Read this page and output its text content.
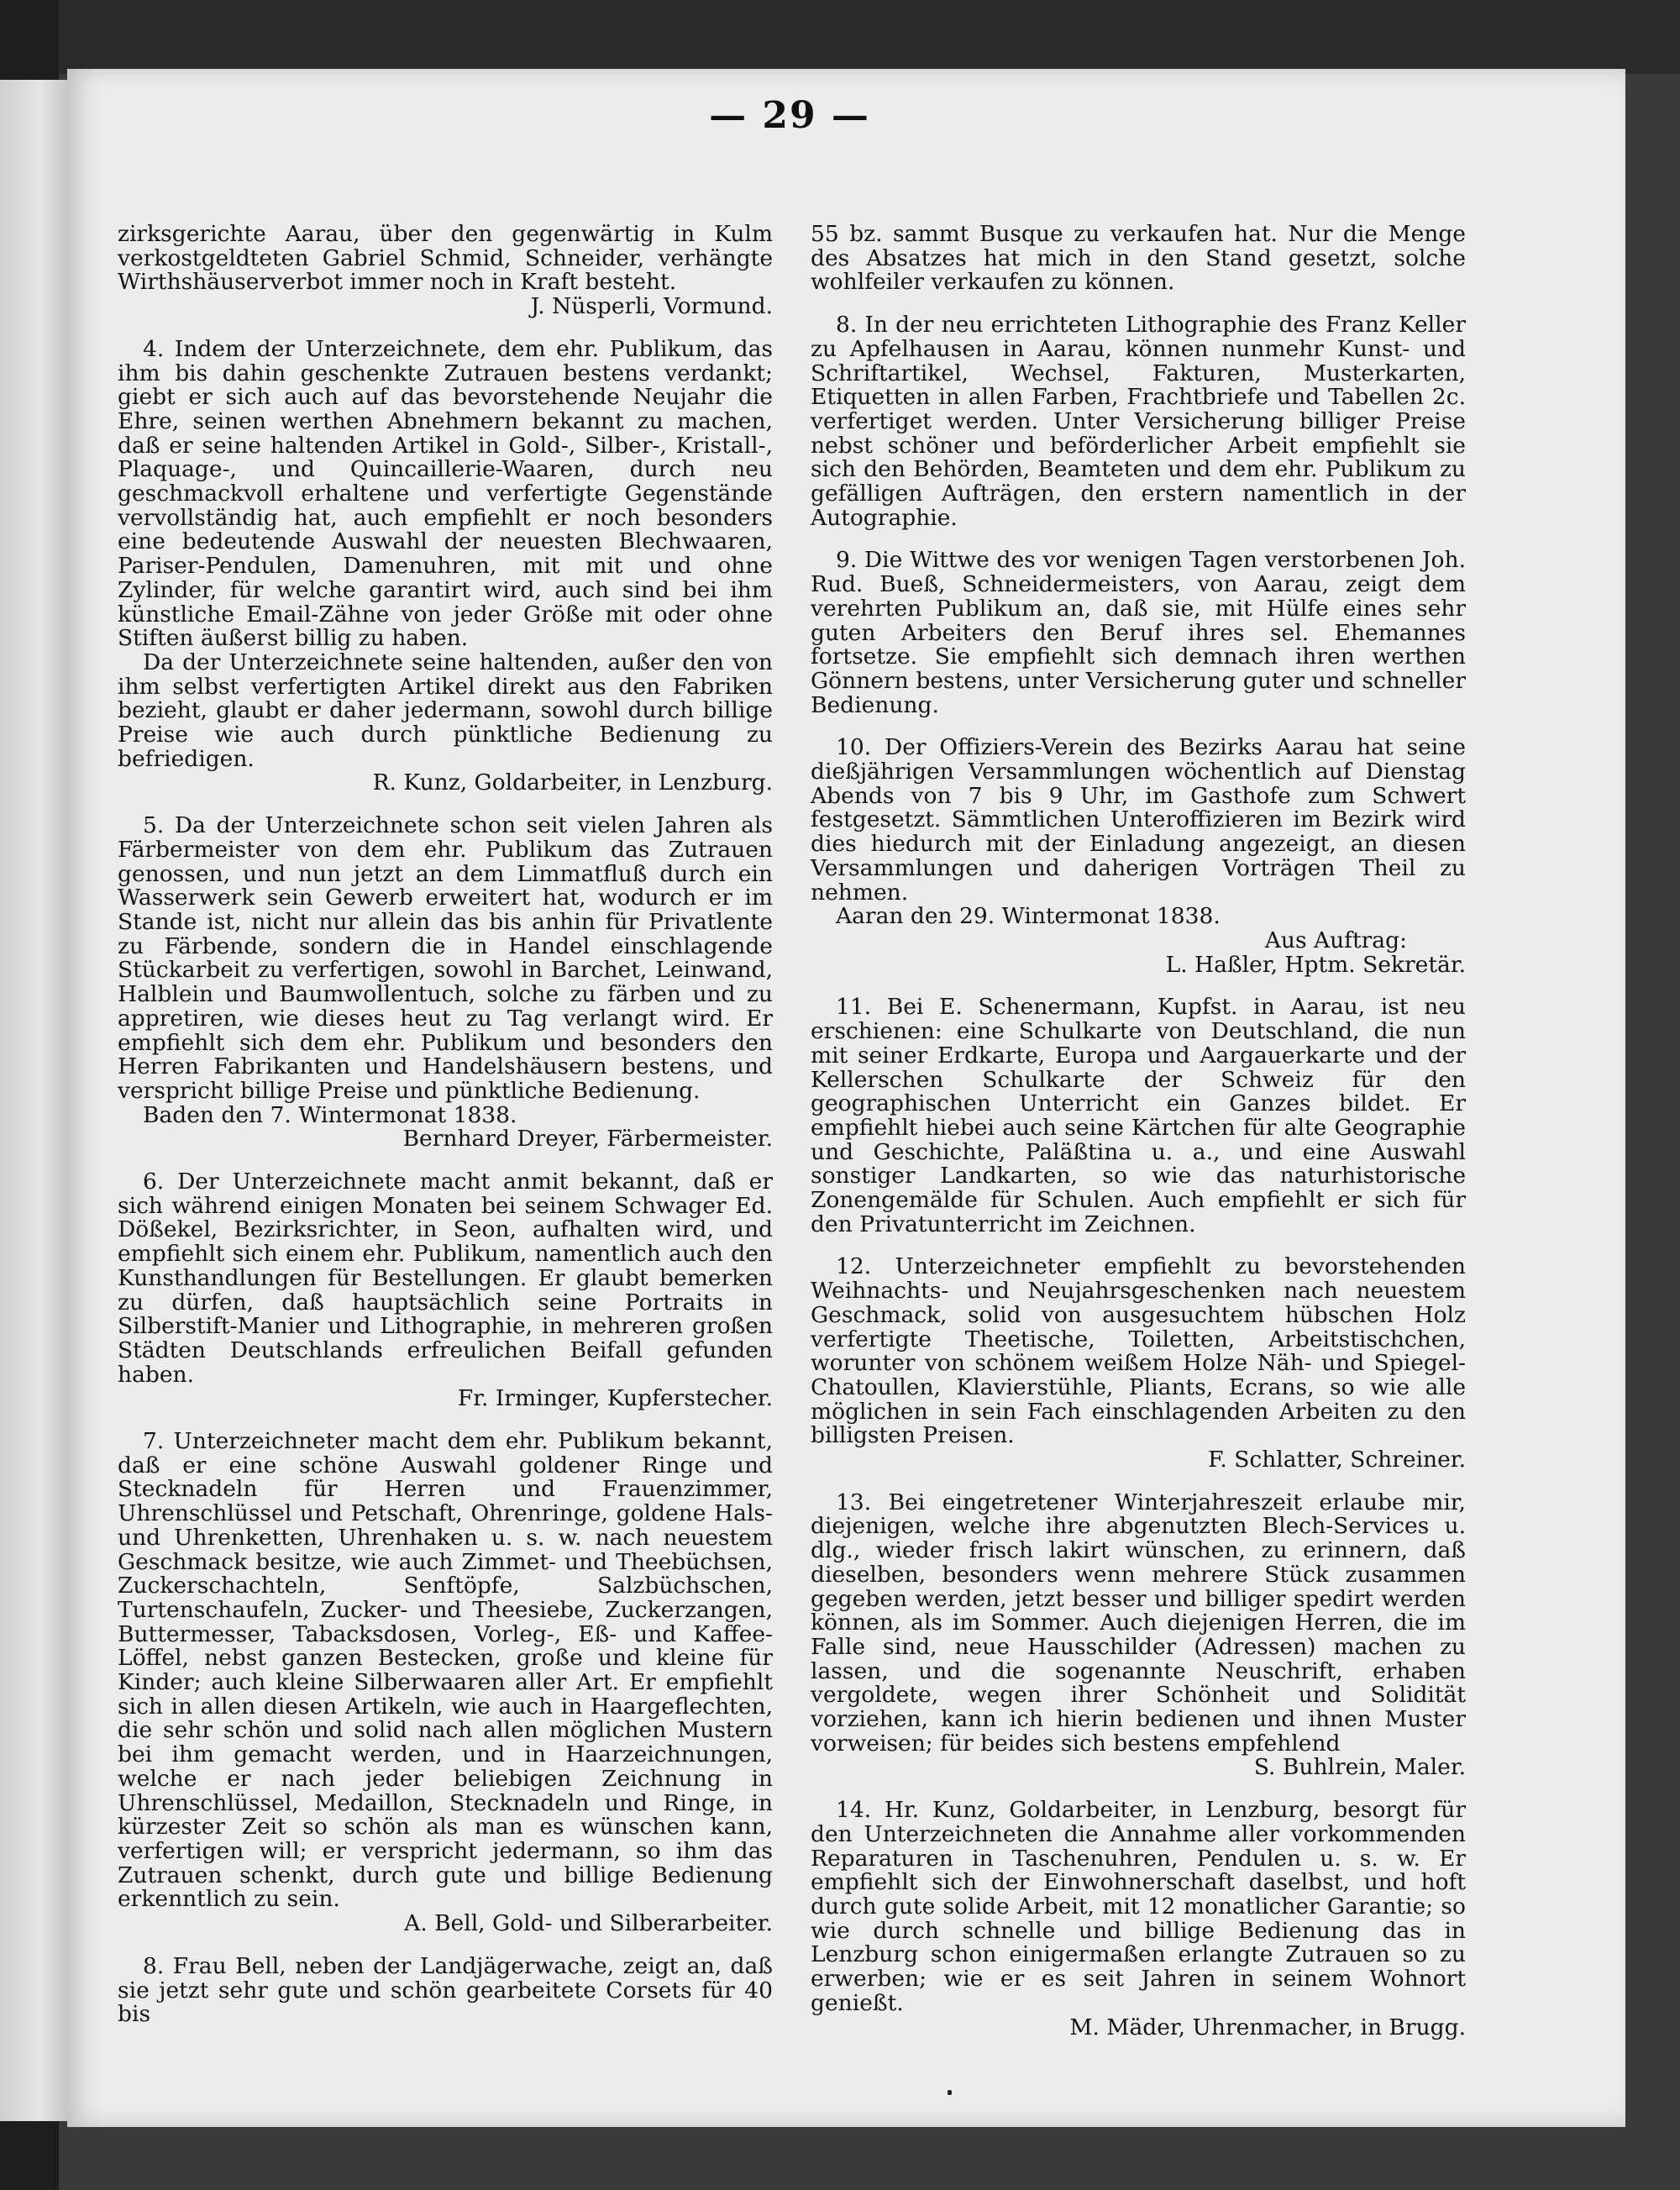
— 29 —

zirksgerichte Aarau, über den gegenwärtig in Kulm verkostgeldteten Gabriel Schmid, Schneider, verhängte Wirthshäuserverbot immer noch in Kraft besteht.

J. Nüsperli, Vormund.

4. Indem der Unterzeichnete, dem ehr. Publikum, das ihm bis dahin geschenkte Zutrauen bestens verdankt; giebt er sich auch auf das bevorstehende Neujahr die Ehre, seinen werthen Abnehmern bekannt zu machen, daß er seine haltenden Artikel in Gold-, Silber-, Kristall-, Plaquage-, und Quincaillerie-Waaren, durch neu geschmackvoll erhaltene und verfertigte Gegenstände vervollständig hat, auch empfiehlt er noch besonders eine bedeutende Auswahl der neuesten Blechwaaren, Pariser-Pendulen, Damenuhren, mit mit und ohne Zylinder, für welche garantirt wird, auch sind bei ihm künstliche Email-Zähne von jeder Größe mit oder ohne Stiften äußerst billig zu haben.

Da der Unterzeichnete seine haltenden, außer den von ihm selbst verfertigten Artikel direkt aus den Fabriken bezieht, glaubt er daher jedermann, sowohl durch billige Preise wie auch durch pünktliche Bedienung zu befriedigen.

R. Kunz, Goldarbeiter, in Lenzburg.

5. Da der Unterzeichnete schon seit vielen Jahren als Färbermeister von dem ehr. Publikum das Zutrauen genossen, und nun jetzt an dem Limmatfluß durch ein Wasserwerk sein Gewerb erweitert hat, wodurch er im Stande ist, nicht nur allein das bis anhin für Privatlente zu Färbende, sondern die in Handel einschlagende Stückarbeit zu verfertigen, sowohl in Barchet, Leinwand, Halblein und Baumwollentuch, solche zu färben und zu appretiren, wie dieses heut zu Tag verlangt wird. Er empfiehlt sich dem ehr. Publikum und besonders den Herren Fabrikanten und Handelshäusern bestens, und verspricht billige Preise und pünktliche Bedienung.

Baden den 7. Wintermonat 1838.

Bernhard Dreyer, Färbermeister.

6. Der Unterzeichnete macht anmit bekannt, daß er sich während einigen Monaten bei seinem Schwager Ed. Dößekel, Bezirksrichter, in Seon, aufhalten wird, und empfiehlt sich einem ehr. Publikum, namentlich auch den Kunsthandlungen für Bestellungen. Er glaubt bemerken zu dürfen, daß hauptsächlich seine Portraits in Silberstift-Manier und Lithographie, in mehreren großen Städten Deutschlands erfreulichen Beifall gefunden haben.

Fr. Irminger, Kupferstecher.

7. Unterzeichneter macht dem ehr. Publikum bekannt, daß er eine schöne Auswahl goldener Ringe und Stecknadeln für Herren und Frauenzimmer, Uhrenschlüssel und Petschaft, Ohrenringe, goldene Hals- und Uhrenketten, Uhrenhaken u. s. w. nach neuestem Geschmack besitze, wie auch Zimmet- und Theebüchsen, Zuckerschachteln, Senftöpfe, Salzbüchschen, Turtenschaufeln, Zucker- und Theesiebe, Zuckerzangen, Buttermesser, Tabacksdosen, Vorleg-, Eß- und Kaffee-Löffel, nebst ganzen Bestecken, große und kleine für Kinder; auch kleine Silberwaaren aller Art. Er empfiehlt sich in allen diesen Artikeln, wie auch in Haargeflechten, die sehr schön und solid nach allen möglichen Mustern bei ihm gemacht werden, und in Haarzeichnungen, welche er nach jeder beliebigen Zeichnung in Uhrenschlüssel, Medaillon, Stecknadeln und Ringe, in kürzester Zeit so schön als man es wünschen kann, verfertigen will; er verspricht jedermann, so ihm das Zutrauen schenkt, durch gute und billige Bedienung erkenntlich zu sein.

A. Bell, Gold- und Silberarbeiter.

8. Frau Bell, neben der Landjägerwache, zeigt an, daß sie jetzt sehr gute und schön gearbeitete Corsets für 40 bis

55 bz. sammt Busque zu verkaufen hat. Nur die Menge des Absatzes hat mich in den Stand gesetzt, solche wohlfeiler verkaufen zu können.

8. In der neu errichteten Lithographie des Franz Keller zu Apfelhausen in Aarau, können nunmehr Kunst- und Schriftartikel, Wechsel, Fakturen, Musterkarten, Etiquetten in allen Farben, Frachtbriefe und Tabellen 2c. verfertiget werden. Unter Versicherung billiger Preise nebst schöner und beförderlicher Arbeit empfiehlt sie sich den Behörden, Beamteten und dem ehr. Publikum zu gefälligen Aufträgen, den erstern namentlich in der Autographie.

9. Die Wittwe des vor wenigen Tagen verstorbenen Joh. Rud. Bueß, Schneidermeisters, von Aarau, zeigt dem verehrten Publikum an, daß sie, mit Hülfe eines sehr guten Arbeiters den Beruf ihres sel. Ehemannes fortsetze. Sie empfiehlt sich demnach ihren werthen Gönnern bestens, unter Versicherung guter und schneller Bedienung.

10. Der Offiziers-Verein des Bezirks Aarau hat seine dießjährigen Versammlungen wöchentlich auf Dienstag Abends von 7 bis 9 Uhr, im Gasthofe zum Schwert festgesetzt. Sämmtlichen Unteroffizieren im Bezirk wird dies hiedurch mit der Einladung angezeigt, an diesen Versammlungen und daherigen Vorträgen Theil zu nehmen.

Aaran den 29. Wintermonat 1838.

Aus Auftrag:

L. Haßler, Hptm. Sekretär.

11. Bei E. Schenermann, Kupfst. in Aarau, ist neu erschienen: eine Schulkarte von Deutschland, die nun mit seiner Erdkarte, Europa und Aargauerkarte und der Kellerschen Schulkarte der Schweiz für den geographischen Unterricht ein Ganzes bildet. Er empfiehlt hiebei auch seine Kärtchen für alte Geographie und Geschichte, Paläßtina u. a., und eine Auswahl sonstiger Landkarten, so wie das naturhistorische Zonengemälde für Schulen. Auch empfiehlt er sich für den Privatunterricht im Zeichnen.

12. Unterzeichneter empfiehlt zu bevorstehenden Weihnachts- und Neujahrsgeschenken nach neuestem Geschmack, solid von ausgesuchtem hübschen Holz verfertigte Theetische, Toiletten, Arbeitstischchen, worunter von schönem weißem Holze Näh- und Spiegel-Chatoullen, Klavierstühle, Pliants, Ecrans, so wie alle möglichen in sein Fach einschlagenden Arbeiten zu den billigsten Preisen.

F. Schlatter, Schreiner.

13. Bei eingetretener Winterjahreszeit erlaube mir, diejenigen, welche ihre abgenutzten Blech-Services u. dlg., wieder frisch lakirt wünschen, zu erinnern, daß dieselben, besonders wenn mehrere Stück zusammen gegeben werden, jetzt besser und billiger spedirt werden können, als im Sommer. Auch diejenigen Herren, die im Falle sind, neue Hausschilder (Adressen) machen zu lassen, und die sogenannte Neuschrift, erhaben vergoldete, wegen ihrer Schönheit und Solidität vorziehen, kann ich hierin bedienen und ihnen Muster vorweisen; für beides sich bestens empfehlend

S. Buhlrein, Maler.

14. Hr. Kunz, Goldarbeiter, in Lenzburg, besorgt für den Unterzeichneten die Annahme aller vorkommenden Reparaturen in Taschenuhren, Pendulen u. s. w. Er empfiehlt sich der Einwohnerschaft daselbst, und hoft durch gute solide Arbeit, mit 12 monatlicher Garantie; so wie durch schnelle und billige Bedienung das in Lenzburg schon einigermaßen erlangte Zutrauen so zu erwerben; wie er es seit Jahren in seinem Wohnort genießt.

M. Mäder, Uhrenmacher, in Brugg.
